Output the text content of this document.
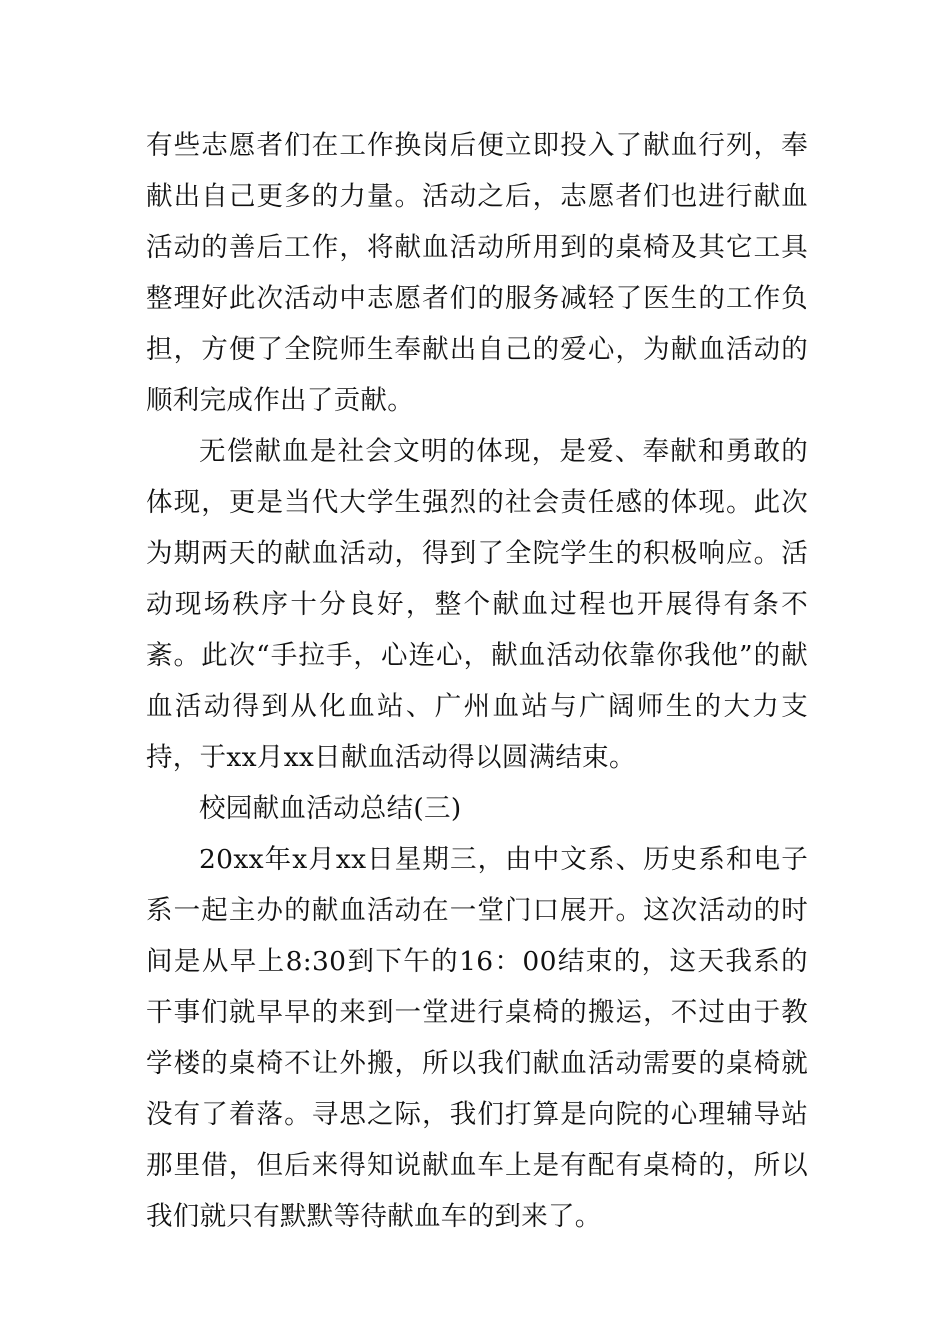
有些志愿者们在工作换岗后便立即投入了献血行列，奉献出自己更多的力量。活动之后，志愿者们也进行献血活动的善后工作，将献血活动所用到的桌椅及其它工具整理好此次活动中志愿者们的服务减轻了医生的工作负担，方便了全院师生奉献出自己的爱心，为献血活动的顺利完成作出了贡献。

无偿献血是社会文明的体现，是爱、奉献和勇敢的体现，更是当代大学生强烈的社会责任感的体现。此次为期两天的献血活动，得到了全院学生的积极响应。活动现场秩序十分良好，整个献血过程也开展得有条不紊。此次“手拉手，心连心，献血活动依靠你我他”的献血活动得到从化血站、广州血站与广阔师生的大力支持，于xx月xx日献血活动得以圆满结束。

校园献血活动总结(三)

20xx年x月xx日星期三，由中文系、历史系和电子系一起主办的献血活动在一堂门口展开。这次活动的时间是从早上8:30到下午的16：00结束的，这天我系的干事们就早早的来到一堂进行桌椅的搬运，不过由于教学楼的桌椅不让外搬，所以我们献血活动需要的桌椅就没有了着落。寻思之际，我们打算是向院的心理辅导站那里借，但后来得知说献血车上是有配有桌椅的，所以我们就只有默默等待献血车的到来了。
